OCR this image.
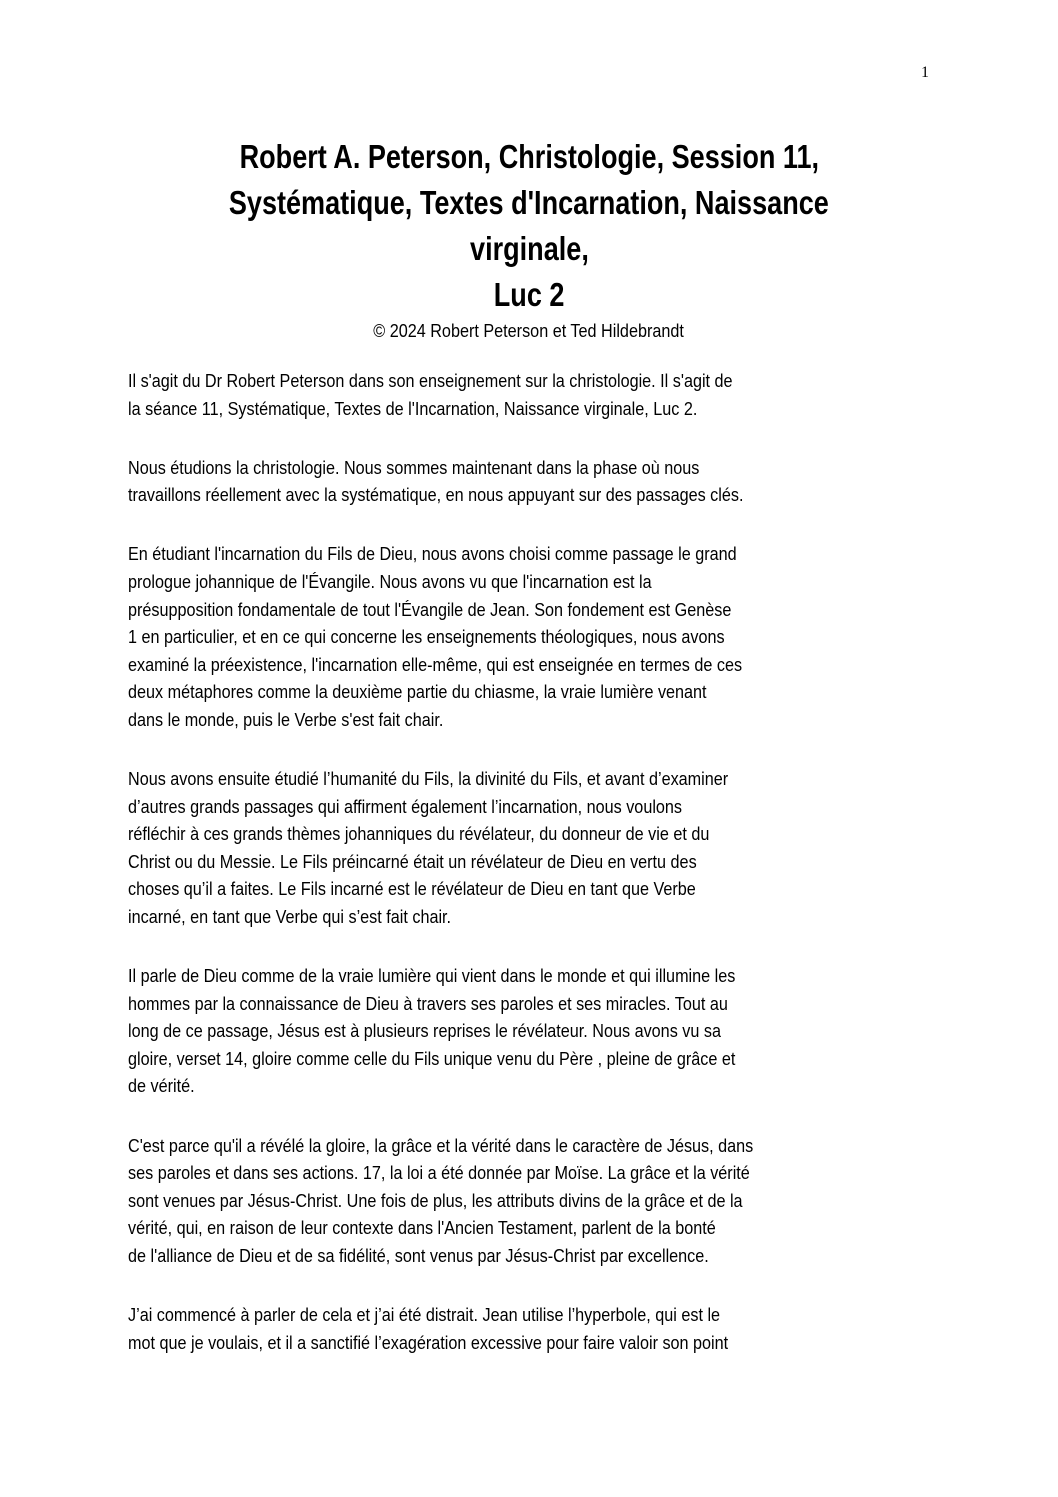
1
Robert A. Peterson, Christologie, Session 11,
Systématique, Textes d'Incarnation, Naissance
virginale,
Luc 2
© 2024 Robert Peterson et Ted Hildebrandt
Il s'agit du Dr Robert Peterson dans son enseignement sur la christologie. Il s'agit de
la séance 11, Systématique, Textes de l'Incarnation, Naissance virginale, Luc 2.
Nous étudions la christologie. Nous sommes maintenant dans la phase où nous
travaillons réellement avec la systématique, en nous appuyant sur des passages clés.
En étudiant l'incarnation du Fils de Dieu, nous avons choisi comme passage le grand
prologue johannique de l'Évangile. Nous avons vu que l'incarnation est la
présupposition fondamentale de tout l'Évangile de Jean. Son fondement est Genèse
1 en particulier, et en ce qui concerne les enseignements théologiques, nous avons
examiné la préexistence, l'incarnation elle-même, qui est enseignée en termes de ces
deux métaphores comme la deuxième partie du chiasme, la vraie lumière venant
dans le monde, puis le Verbe s'est fait chair.
Nous avons ensuite étudié l’humanité du Fils, la divinité du Fils, et avant d’examiner
d’autres grands passages qui affirment également l’incarnation, nous voulons
réfléchir à ces grands thèmes johanniques du révélateur, du donneur de vie et du
Christ ou du Messie. Le Fils préincarné était un révélateur de Dieu en vertu des
choses qu’il a faites. Le Fils incarné est le révélateur de Dieu en tant que Verbe
incarné, en tant que Verbe qui s’est fait chair.
Il parle de Dieu comme de la vraie lumière qui vient dans le monde et qui illumine les
hommes par la connaissance de Dieu à travers ses paroles et ses miracles. Tout au
long de ce passage, Jésus est à plusieurs reprises le révélateur. Nous avons vu sa
gloire, verset 14, gloire comme celle du Fils unique venu du Père , pleine de grâce et
de vérité.
C'est parce qu'il a révélé la gloire, la grâce et la vérité dans le caractère de Jésus, dans
ses paroles et dans ses actions. 17, la loi a été donnée par Moïse. La grâce et la vérité
sont venues par Jésus-Christ. Une fois de plus, les attributs divins de la grâce et de la
vérité, qui, en raison de leur contexte dans l'Ancien Testament, parlent de la bonté
de l'alliance de Dieu et de sa fidélité, sont venus par Jésus-Christ par excellence.
J’ai commencé à parler de cela et j’ai été distrait. Jean utilise l’hyperbole, qui est le
mot que je voulais, et il a sanctifié l’exagération excessive pour faire valoir son point
